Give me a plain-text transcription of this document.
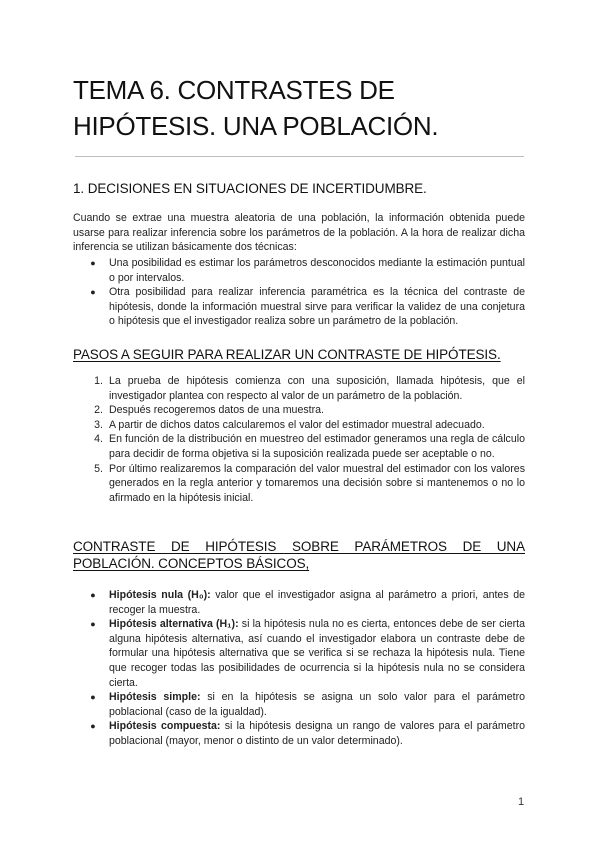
TEMA 6. CONTRASTES DE HIPÓTESIS. UNA POBLACIÓN.
1. DECISIONES EN SITUACIONES DE INCERTIDUMBRE.

Cuando se extrae una muestra aleatoria de una población, la información obtenida puede usarse para realizar inferencia sobre los parámetros de la población. A la hora de realizar dicha inferencia se utilizan básicamente dos técnicas:

● Una posibilidad es estimar los parámetros desconocidos mediante la estimación puntual o por intervalos.
● Otra posibilidad para realizar inferencia paramétrica es la técnica del contraste de hipótesis, donde la información muestral sirve para verificar la validez de una conjetura o hipótesis que el investigador realiza sobre un parámetro de la población.
PASOS A SEGUIR PARA REALIZAR UN CONTRASTE DE HIPÓTESIS.
1. La prueba de hipótesis comienza con una suposición, llamada hipótesis, que el investigador plantea con respecto al valor de un parámetro de la población.
2. Después recogeremos datos de una muestra.
3. A partir de dichos datos calcularemos el valor del estimador muestral adecuado.
4. En función de la distribución en muestreo del estimador generamos una regla de cálculo para decidir de forma objetiva si la suposición realizada puede ser aceptable o no.
5. Por último realizaremos la comparación del valor muestral del estimador con los valores generados en la regla anterior y tomaremos una decisión sobre si mantenemos o no lo afirmado en la hipótesis inicial.
CONTRASTE DE HIPÓTESIS SOBRE PARÁMETROS DE UNA POBLACIÓN. CONCEPTOS BÁSICOS,
● Hipótesis nula (H₀): valor que el investigador asigna al parámetro a priori, antes de recoger la muestra.
● Hipótesis alternativa (H₁): si la hipótesis nula no es cierta, entonces debe de ser cierta alguna hipótesis alternativa, así cuando el investigador elabora un contraste debe de formular una hipótesis alternativa que se verifica si se rechaza la hipótesis nula. Tiene que recoger todas las posibilidades de ocurrencia si la hipótesis nula no se considera cierta.
● Hipótesis simple: si en la hipótesis se asigna un solo valor para el parámetro poblacional (caso de la igualdad).
● Hipótesis compuesta: si la hipótesis designa un rango de valores para el parámetro poblacional (mayor, menor o distinto de un valor determinado).
1
